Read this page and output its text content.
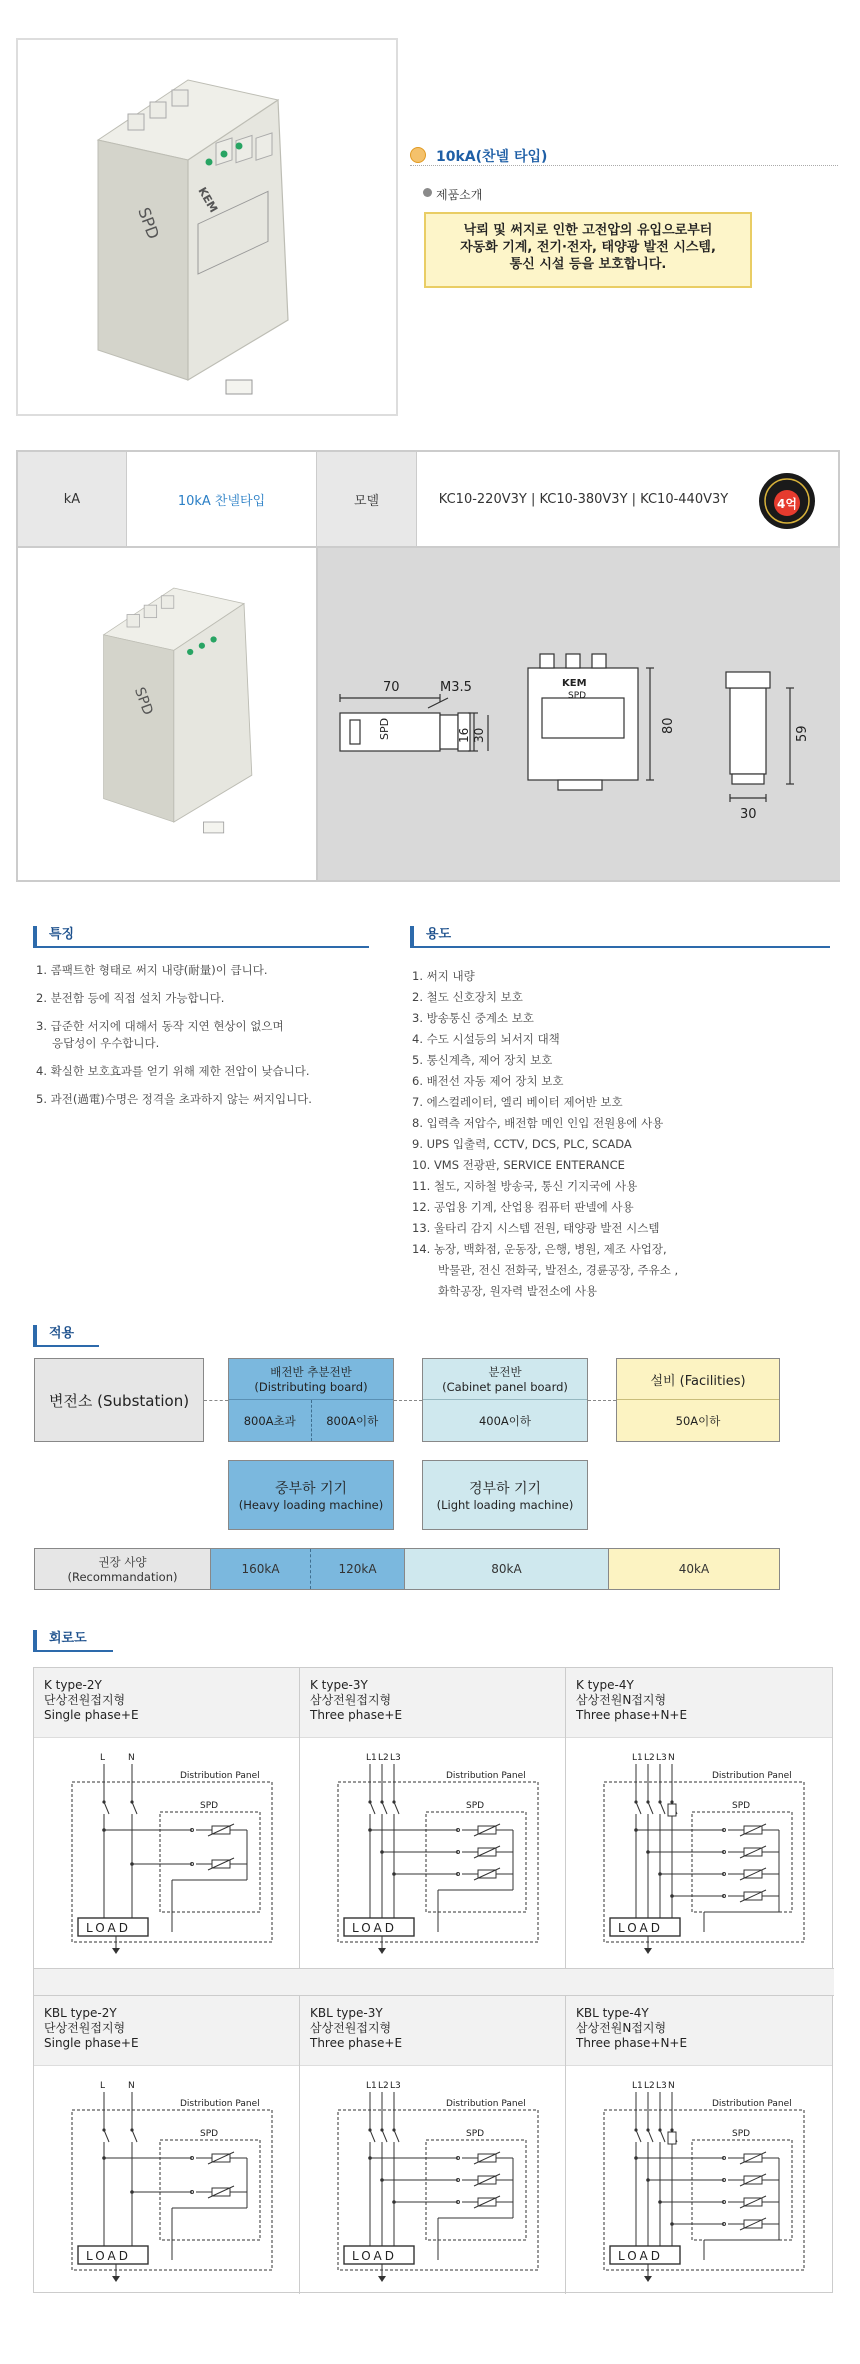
SPD
KEM
10kA(찬넬 타입)
제품소개
낙뢰 및 써지로 인한 고전압의 유입으로부터
자동화 기계, 전기·전자, 태양광 발전 시스템,
통신 시설 등을 보호합니다.
kA	10kA 찬넬타입	모델	KC10-220V3Y | KC10-380V3Y | KC10-440V3Y	4억
SPD	70	M3.5
SPD	16 30
KEM
SPD
80	59
30
특징	용도
1. 콤팩트한 형태로 써지 내량(耐量)이 큽니다.
2. 분전함 등에 직접 설치 가능합니다.
3. 급준한 서지에 대해서 동작 지연 현상이 없으며
응답성이 우수합니다.
4. 확실한 보호효과를 얻기 위해 제한 전압이 낮습니다.
5. 과전(過電)수명은 정격을 초과하지 않는 써지입니다.
1. 써지 내량
2. 철도 신호장치 보호
3. 방송통신 중계소 보호
4. 수도 시설등의 뇌서지 대책
5. 통신계측, 제어 장치 보호
6. 배전선 자동 제어 장치 보호
7. 에스컬레이터, 엘리 베이터 제어반 보호
8. 입력측 저압수, 배전함 메인 인입 전원용에 사용
9. UPS 입출력, CCTV, DCS, PLC, SCADA
10. VMS 전광판, SERVICE ENTERANCE
11. 철도, 지하철 방송국, 통신 기지국에 사용
12. 공업용 기계, 산업용 컴퓨터 판넬에 사용
13. 울타리 감지 시스템 전원, 태양광 발전 시스템
14. 농장, 백화점, 운동장, 은행, 병원, 제조 사업장,
박물관, 전신 전화국, 발전소, 경륜공장, 주유소 ,
화학공장, 원자력 발전소에 사용
적용
변전소 (Substation)
배전반 추분전반
(Distributing board)
800A초과	800A이하
분전반
(Cabinet panel board)
400A이하
설비 (Facilities)
50A이하
중부하 기기
(Heavy loading machine)
경부하 기기
(Light loading machine)
권장 사양
(Recommandation)
160kA	120kA	80kA	40kA
회로도
K type-2Y
단상전원접지형
Single phase+E
Distribution Panel
SPD
L	N
LOAD
K type-3Y
삼상전원접지형
Three phase+E
Distribution Panel
SPD
L1 L2 L3
LOAD
K type-4Y
삼상전원N접지형
Three phase+N+E
Distribution Panel
SPD
L1 L2 L3 N
LOAD
KBL type-2Y
단상전원접지형
Single phase+E
Distribution Panel
SPD
L	N
LOAD
KBL type-3Y
삼상전원접지형
Three phase+E
Distribution Panel
SPD
L1 L2 L3
LOAD
KBL type-4Y
삼상전원N접지형
Three phase+N+E
Distribution Panel
SPD
L1 L2 L3 N
LOAD
